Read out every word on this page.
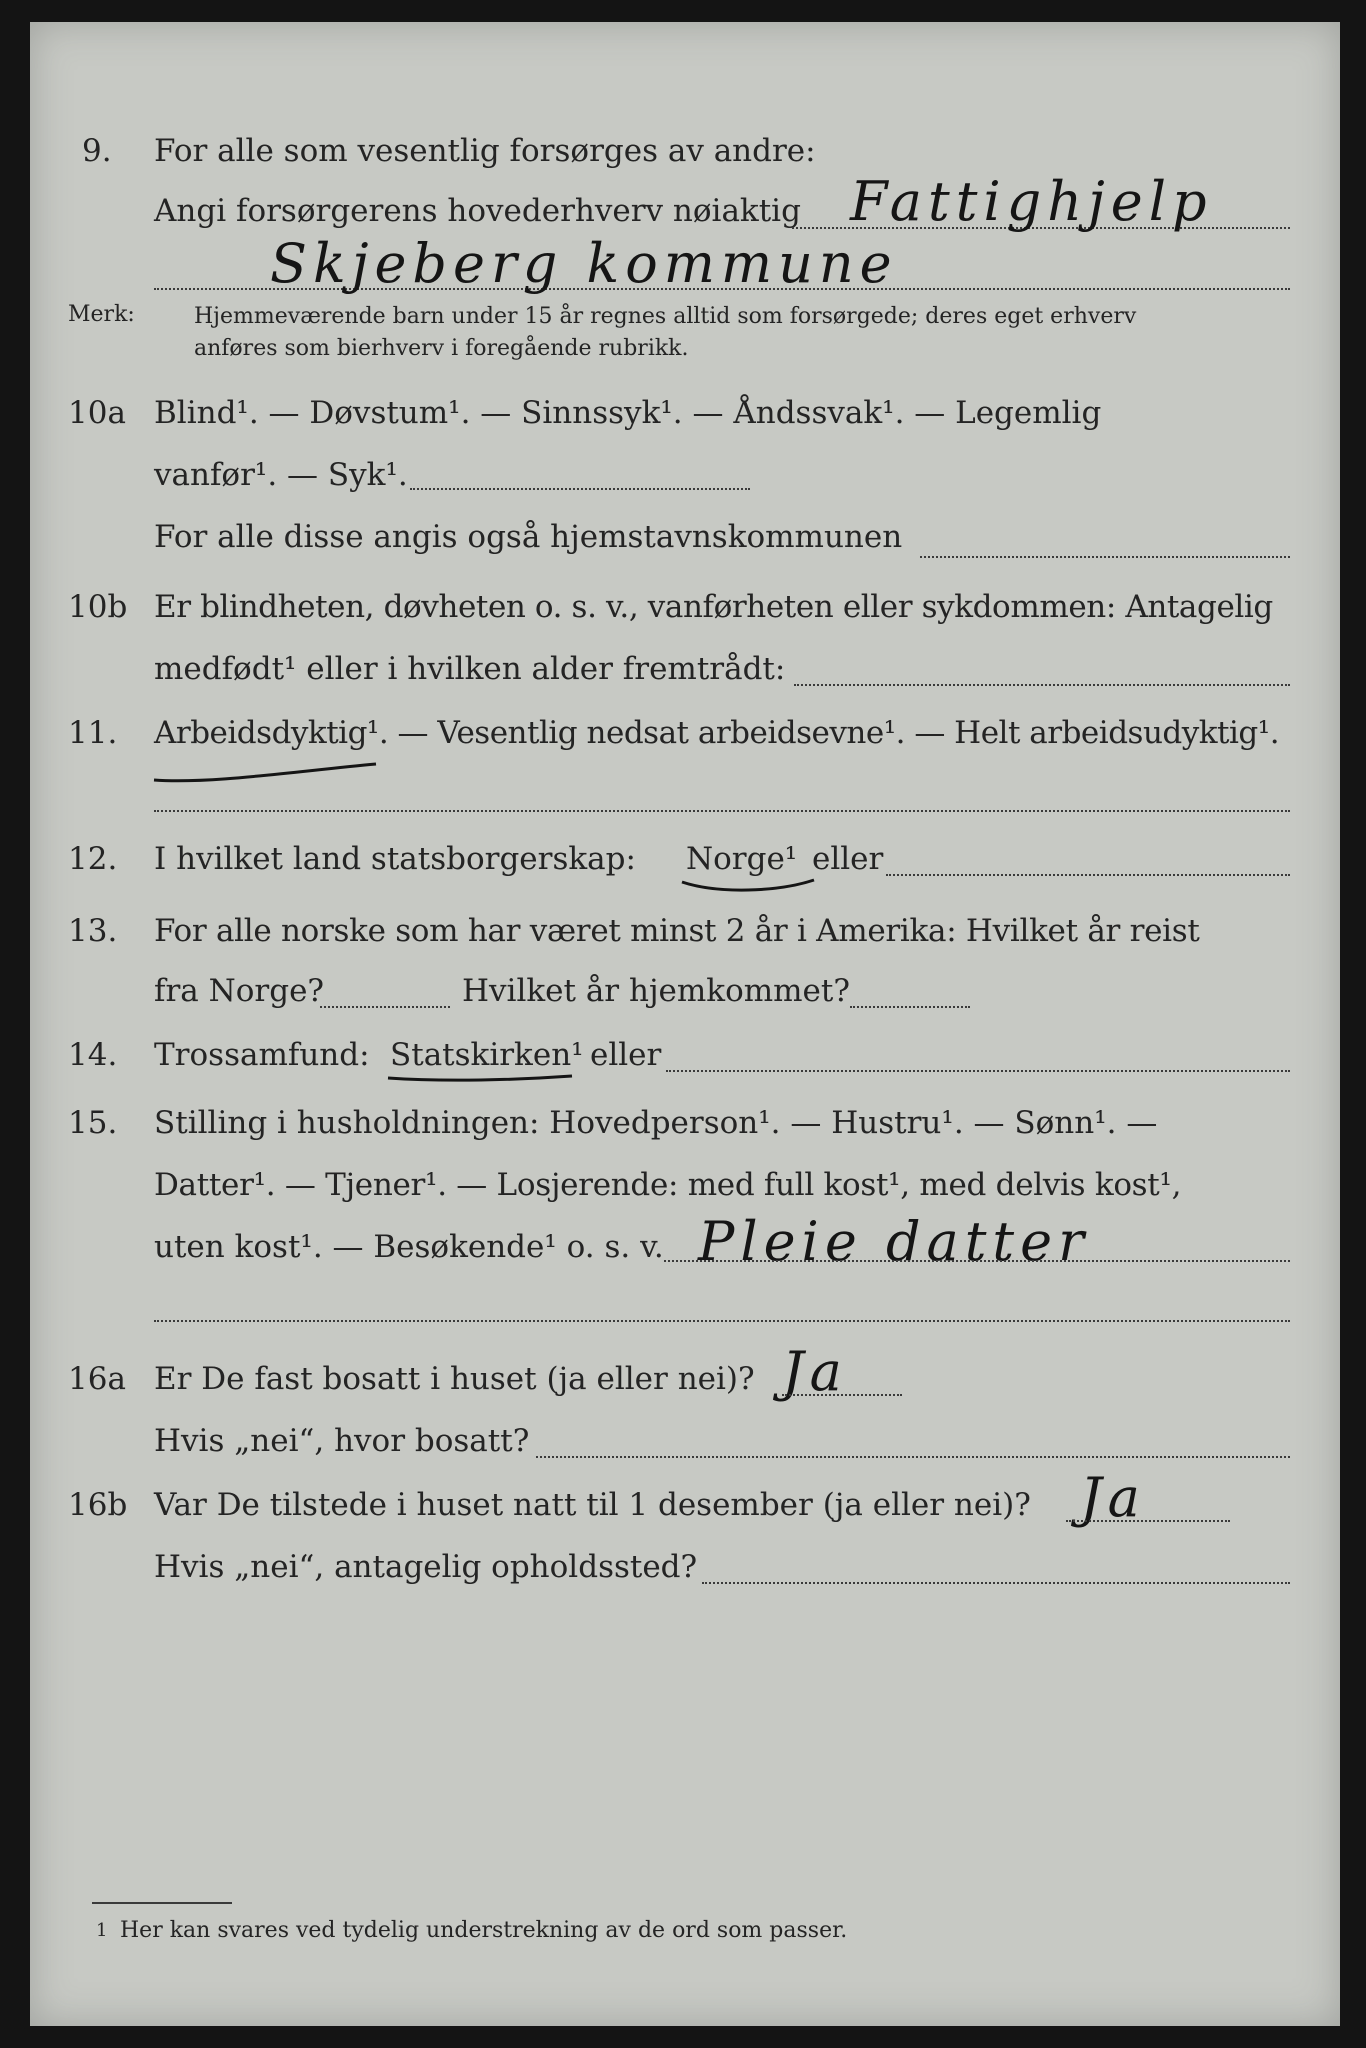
9. For alle som vesentlig forsørges av andre:
Angi forsørgerens hovederhverv nøiaktig Fattighjelp
Skjeberg kommune
Merk:	Hjemmeværende barn under 15 år regnes alltid som forsørgede; deres eget erhverv
anføres som bierhverv i foregående rubrikk.
10a Blind¹. — Døvstum¹. — Sinnssyk¹. — Åndssvak¹. — Legemlig
vanfør¹. — Syk¹.
For alle disse angis også hjemstavnskommunen
10b Er blindheten, døvheten o. s. v., vanførheten eller sykdommen: Antagelig
medfødt¹ eller i hvilken alder fremtrådt:
11. Arbeidsdyktig¹. — Vesentlig nedsat arbeidsevne¹. — Helt arbeidsudyktig¹.
12. I hvilket land statsborgerskap: Norge¹ eller
13. For alle norske som har været minst 2 år i Amerika: Hvilket år reist
fra Norge?	Hvilket år hjemkommet?
14. Trossamfund: Statskirken¹ eller
15. Stilling i husholdningen: Hovedperson¹. — Hustru¹. — Sønn¹. —
Datter¹. — Tjener¹. — Losjerende: med full kost¹, med delvis kost¹,
uten kost¹. — Besøkende¹ o. s. v. Pleie datter
16a Er De fast bosatt i huset (ja eller nei)? Ja
Hvis „nei“, hvor bosatt?
16b Var De tilstede i huset natt til 1 desember (ja eller nei)? Ja
Hvis „nei“, antagelig opholdssted?
1 Her kan svares ved tydelig understrekning av de ord som passer.
